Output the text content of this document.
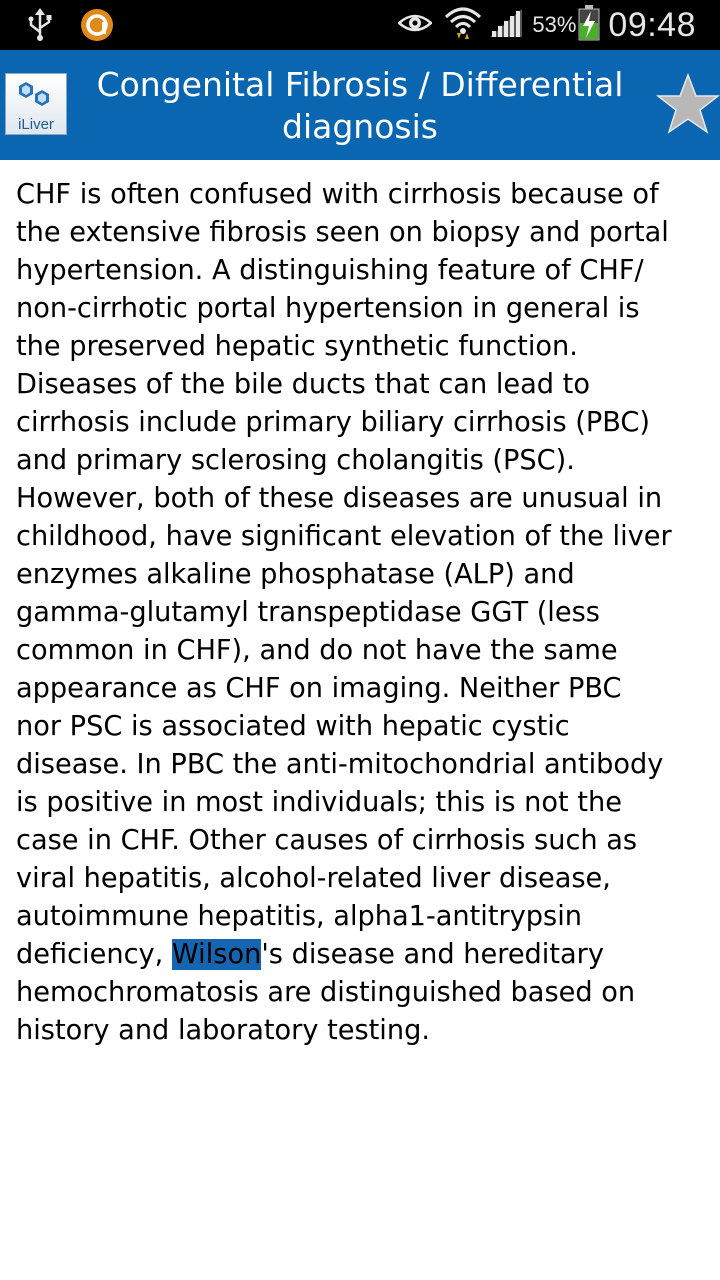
53% 09:48
iLiver
Congenital Fibrosis / Differential diagnosis
CHF is often confused with cirrhosis because of
the extensive fibrosis seen on biopsy and portal
hypertension. A distinguishing feature of CHF/
non-cirrhotic portal hypertension in general is
the preserved hepatic synthetic function.
Diseases of the bile ducts that can lead to
cirrhosis include primary biliary cirrhosis (PBC)
and primary sclerosing cholangitis (PSC).
However, both of these diseases are unusual in
childhood, have significant elevation of the liver
enzymes alkaline phosphatase (ALP) and
gamma-glutamyl transpeptidase GGT (less
common in CHF), and do not have the same
appearance as CHF on imaging. Neither PBC
nor PSC is associated with hepatic cystic
disease. In PBC the anti-mitochondrial antibody
is positive in most individuals; this is not the
case in CHF. Other causes of cirrhosis such as
viral hepatitis, alcohol-related liver disease,
autoimmune hepatitis, alpha1-antitrypsin
deficiency, Wilson's disease and hereditary
hemochromatosis are distinguished based on
history and laboratory testing.
